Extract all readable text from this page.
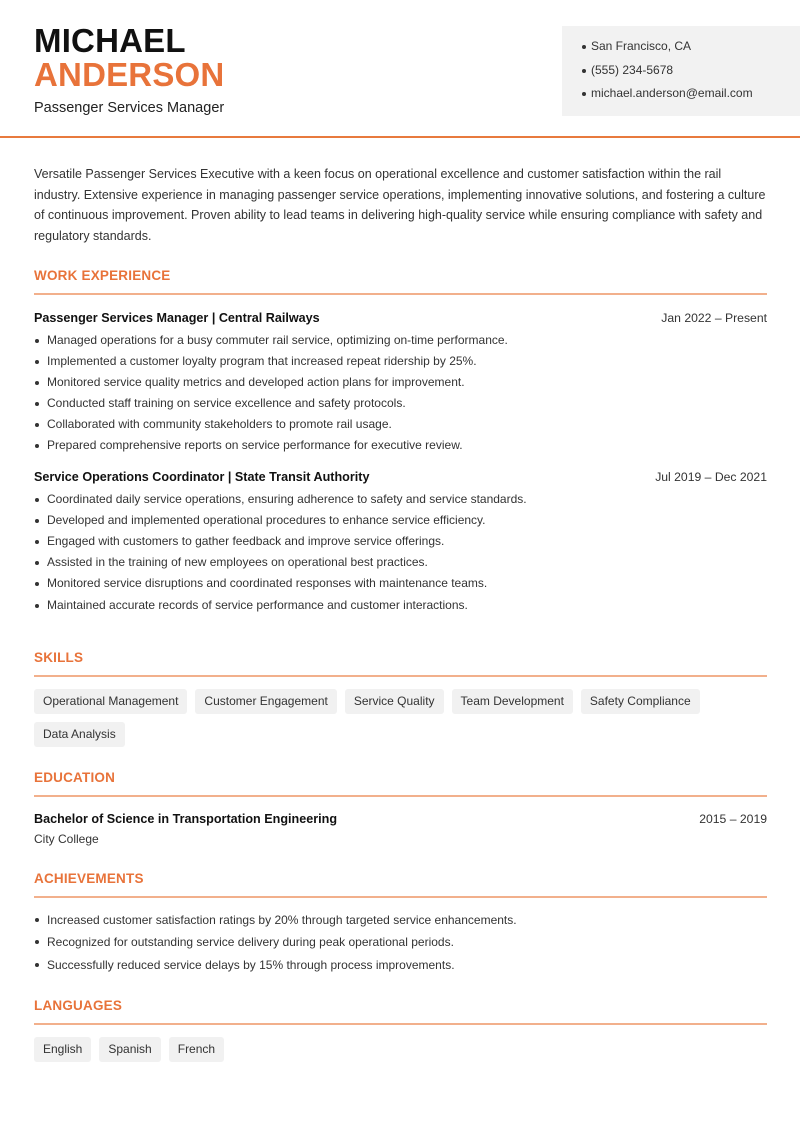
MICHAEL
ANDERSON
Passenger Services Manager
San Francisco, CA
(555) 234-5678
michael.anderson@email.com

Versatile Passenger Services Executive with a keen focus on operational excellence and customer satisfaction within the rail industry. Extensive experience in managing passenger service operations, implementing innovative solutions, and fostering a culture of continuous improvement. Proven ability to lead teams in delivering high-quality service while ensuring compliance with safety and regulatory standards.

WORK EXPERIENCE
Passenger Services Manager | Central Railways	Jan 2022 – Present
Managed operations for a busy commuter rail service, optimizing on-time performance.
Implemented a customer loyalty program that increased repeat ridership by 25%.
Monitored service quality metrics and developed action plans for improvement.
Conducted staff training on service excellence and safety protocols.
Collaborated with community stakeholders to promote rail usage.
Prepared comprehensive reports on service performance for executive review.
Service Operations Coordinator | State Transit Authority	Jul 2019 – Dec 2021
Coordinated daily service operations, ensuring adherence to safety and service standards.
Developed and implemented operational procedures to enhance service efficiency.
Engaged with customers to gather feedback and improve service offerings.
Assisted in the training of new employees on operational best practices.
Monitored service disruptions and coordinated responses with maintenance teams.
Maintained accurate records of service performance and customer interactions.
SKILLS
Operational Management	Customer Engagement	Service Quality	Team Development	Safety Compliance
Data Analysis
EDUCATION
Bachelor of Science in Transportation Engineering	2015 – 2019
City College
ACHIEVEMENTS
Increased customer satisfaction ratings by 20% through targeted service enhancements.
Recognized for outstanding service delivery during peak operational periods.
Successfully reduced service delays by 15% through process improvements.
LANGUAGES
English	Spanish	French
